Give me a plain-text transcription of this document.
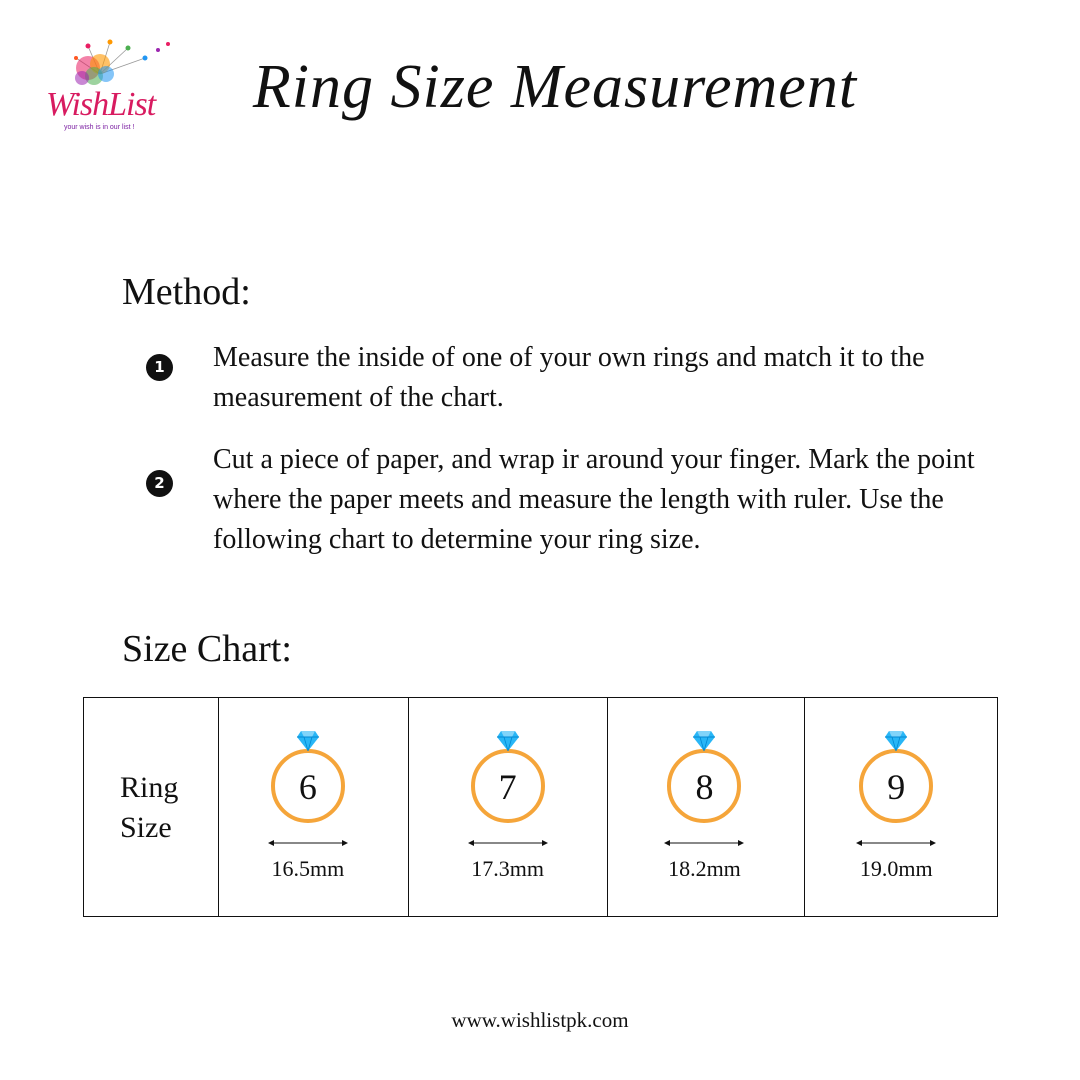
WishList
your wish is in our list !
Ring Size Measurement
Method:
1 Measure the inside of one of your own rings and match it to the measurement of the chart.
2
Cut a piece of paper, and wrap ir around your finger. Mark the point where the paper meets and measure the length with ruler. Use the following chart to determine your ring size.
Size Chart:
Ring
Size
6
16.5mm
7
17.3mm
8
18.2mm
9
19.0mm
www.wishlistpk.com
